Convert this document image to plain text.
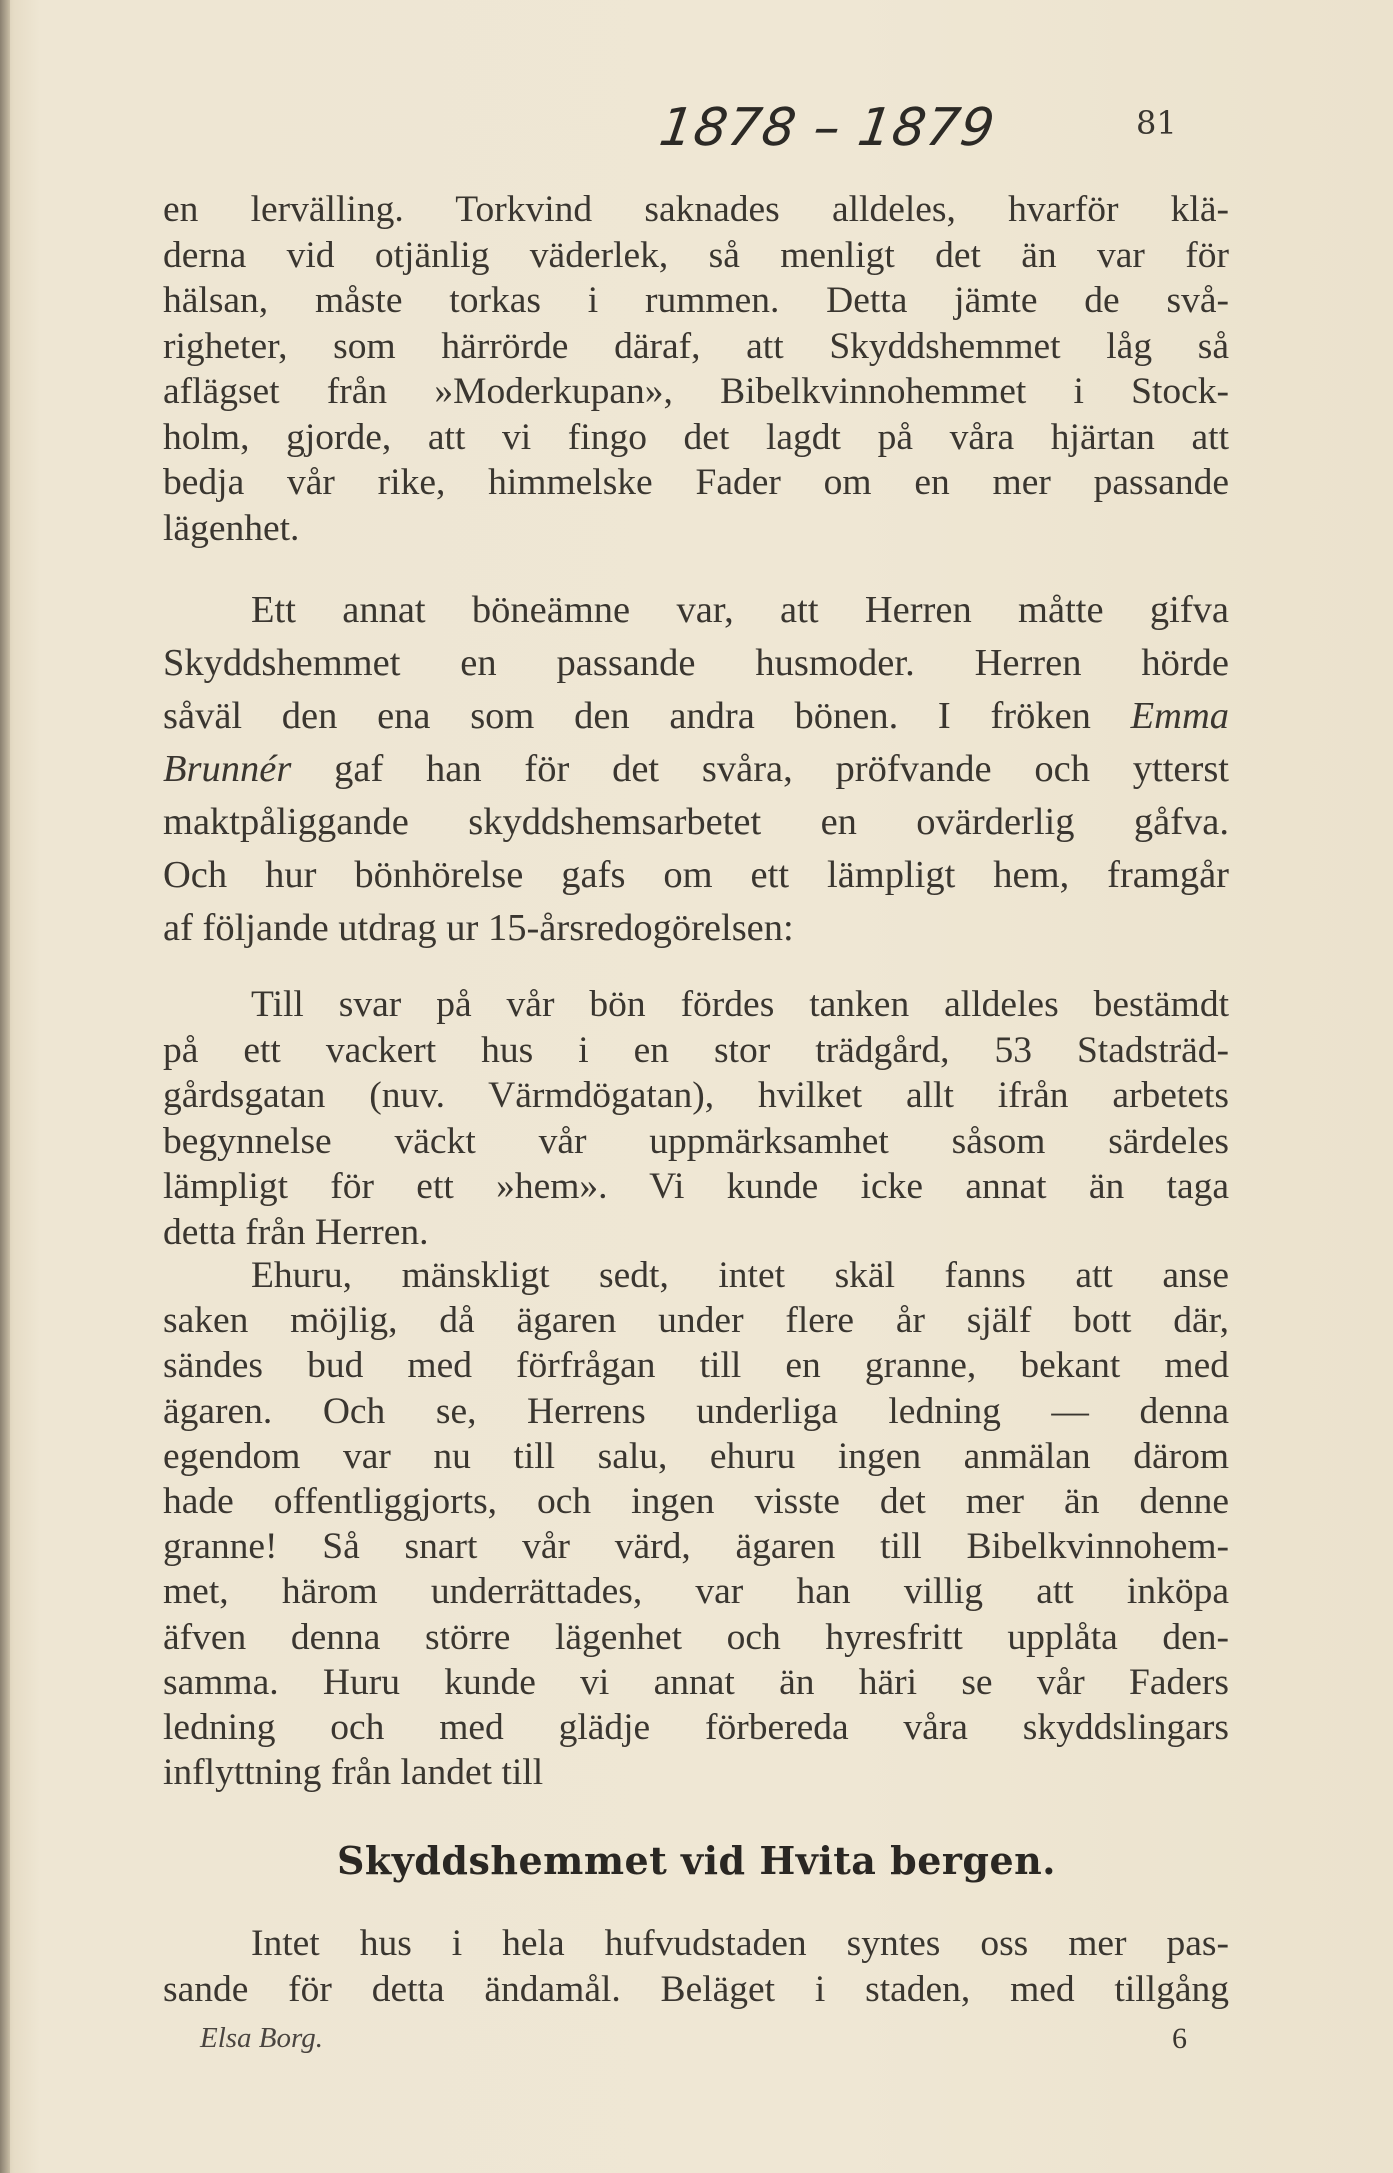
1878 – 1879	81
en lervälling. Torkvind saknades alldeles, hvarför klä-
derna vid otjänlig väderlek, så menligt det än var för
hälsan, måste torkas i rummen. Detta jämte de svå-
righeter, som härrörde däraf, att Skyddshemmet låg så
aflägset från »Moderkupan», Bibelkvinnohemmet i Stock-
holm, gjorde, att vi fingo det lagdt på våra hjärtan att
bedja vår rike, himmelske Fader om en mer passande
lägenhet.
Ett annat böneämne var, att Herren måtte gifva
Skyddshemmet en passande husmoder. Herren hörde
såväl den ena som den andra bönen. I fröken Emma
Brunnér gaf han för det svåra, pröfvande och ytterst
maktpåliggande skyddshemsarbetet en ovärderlig gåfva.
Och hur bönhörelse gafs om ett lämpligt hem, framgår
af följande utdrag ur 15-årsredogörelsen:
Till svar på vår bön fördes tanken alldeles bestämdt
på ett vackert hus i en stor trädgård, 53 Stadsträd-
gårdsgatan (nuv. Värmdögatan), hvilket allt ifrån arbetets
begynnelse väckt vår uppmärksamhet såsom särdeles
lämpligt för ett »hem». Vi kunde icke annat än taga
detta från Herren.
Ehuru, mänskligt sedt, intet skäl fanns att anse
saken möjlig, då ägaren under flere år själf bott där,
sändes bud med förfrågan till en granne, bekant med
ägaren. Och se, Herrens underliga ledning — denna
egendom var nu till salu, ehuru ingen anmälan därom
hade offentliggjorts, och ingen visste det mer än denne
granne! Så snart vår värd, ägaren till Bibelkvinnohem-
met, härom underrättades, var han villig att inköpa
äfven denna större lägenhet och hyresfritt upplåta den-
samma. Huru kunde vi annat än häri se vår Faders
ledning och med glädje förbereda våra skyddslingars
inflyttning från landet till
Skyddshemmet vid Hvita bergen.
Intet hus i hela hufvudstaden syntes oss mer pas-
sande för detta ändamål. Beläget i staden, med tillgång
Elsa Borg.	6
